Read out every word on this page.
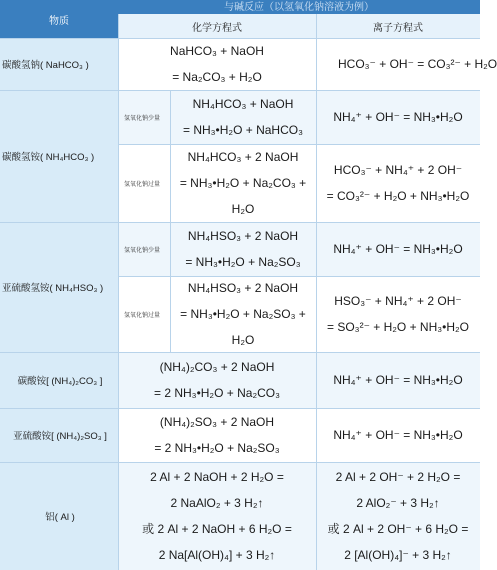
物质
与碱反应（以氢氧化钠溶液为例）
化学方程式	离子方程式
碳酸氢钠( NaHCO₃ )
NaHCO₃ + NaOH
= Na₂CO₃ + H₂O
HCO₃⁻ + OH⁻ = CO₃²⁻ + H₂O
碳酸氢铵( NH₄HCO₃ )
氢氧化钠少量
NH₄HCO₃ + NaOH
= NH₃•H₂O + NaHCO₃
NH₄⁺ + OH⁻ = NH₃•H₂O
氢氧化钠过量
NH₄HCO₃ + 2 NaOH
= NH₃•H₂O + Na₂CO₃ +
H₂O
HCO₃⁻ + NH₄⁺ + 2 OH⁻
= CO₃²⁻ + H₂O + NH₃•H₂O
亚硫酸氢铵( NH₄HSO₃ )
氢氧化钠少量
NH₄HSO₃ + 2 NaOH
= NH₃•H₂O + Na₂SO₃
NH₄⁺ + OH⁻ = NH₃•H₂O
氢氧化钠过量
NH₄HSO₃ + 2 NaOH
= NH₃•H₂O + Na₂SO₃ +
H₂O
HSO₃⁻ + NH₄⁺ + 2 OH⁻
= SO₃²⁻ + H₂O + NH₃•H₂O
碳酸铵[ (NH₄)₂CO₃ ]
(NH₄)₂CO₃ + 2 NaOH
= 2 NH₃•H₂O + Na₂CO₃
NH₄⁺ + OH⁻ = NH₃•H₂O
亚硫酸铵[ (NH₄)₂SO₃ ]
(NH₄)₂SO₃ + 2 NaOH
= 2 NH₃•H₂O + Na₂SO₃
NH₄⁺ + OH⁻ = NH₃•H₂O
铝( Al )
2 Al + 2 NaOH + 2 H₂O =
2 NaAlO₂ + 3 H₂↑
或 2 Al + 2 NaOH + 6 H₂O =
2 Na[Al(OH)₄] + 3 H₂↑
2 Al + 2 OH⁻ + 2 H₂O =
2 AlO₂⁻ + 3 H₂↑
或 2 Al + 2 OH⁻ + 6 H₂O =
2 [Al(OH)₄]⁻ + 3 H₂↑
